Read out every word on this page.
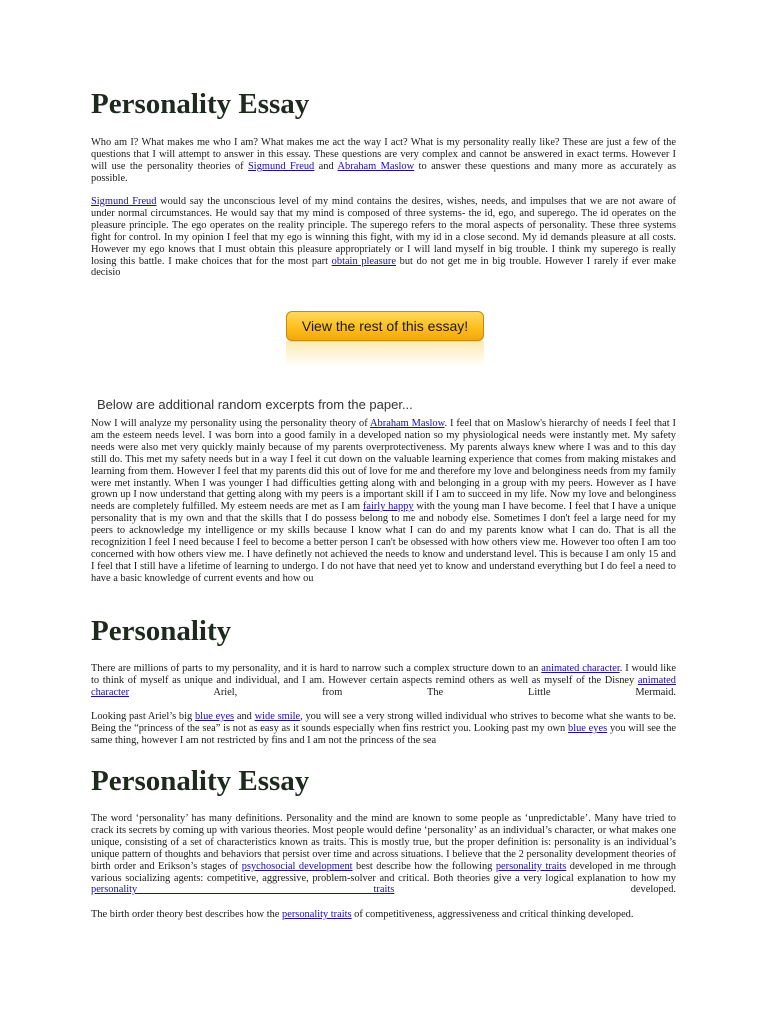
Personality Essay

Who am I? What makes me who I am? What makes me act the way I act? What is my personality really like? These are just a few of the questions that I will attempt to answer in this essay. These questions are very complex and cannot be answered in exact terms. However I will use the personality theories of Sigmund Freud and Abraham Maslow to answer these questions and many more as accurately as possible.

Sigmund Freud would say the unconscious level of my mind contains the desires, wishes, needs, and impulses that we are not aware of under normal circumstances. He would say that my mind is composed of three systems- the id, ego, and superego. The id operates on the pleasure principle. The ego operates on the reality principle. The superego refers to the moral aspects of personality. These three systems fight for control. In my opinion I feel that my ego is winning this fight, with my id in a close second. My id demands pleasure at all costs. However my ego knows that I must obtain this pleasure appropriately or I will land myself in big trouble. I think my superego is really losing this battle. I make choices that for the most part obtain pleasure but do not get me in big trouble. However I rarely if ever make decisio

View the rest of this essay!
Below are additional random excerpts from the paper...

Now I will analyze my personality using the personality theory of Abraham Maslow. I feel that on Maslow's hierarchy of needs I feel that I am the esteem needs level. I was born into a good family in a developed nation so my physiological needs were instantly met. My safety needs were also met very quickly mainly because of my parents overprotectiveness. My parents always knew where I was and to this day still do. This met my safety needs but in a way I feel it cut down on the valuable learning experience that comes from making mistakes and learning from them. However I feel that my parents did this out of love for me and therefore my love and belonginess needs from my family were met instantly. When I was younger I had difficulties getting along with and belonging in a group with my peers. However as I have grown up I now understand that getting along with my peers is a important skill if I am to succeed in my life. Now my love and belonginess needs are completely fulfilled. My esteem needs are met as I am fairly happy with the young man I have become. I feel that I have a unique personality that is my own and that the skills that I do possess belong to me and nobody else. Sometimes I don't feel a large need for my peers to acknowledge my intelligence or my skills because I know what I can do and my parents know what I can do. That is all the recognizition I feel I need because I feel to become a better person I can't be obsessed with how others view me. However too often I am too concerned with how others view me. I have definetly not achieved the needs to know and understand level. This is because I am only 15 and I feel that I still have a lifetime of learning to undergo. I do not have that need yet to know and understand everything but I do feel a need to have a basic knowledge of current events and how ou

Personality

There are millions of parts to my personality, and it is hard to narrow such a complex structure down to an animated character. I would like to think of myself as unique and individual, and I am. However certain aspects remind others as well as myself of the Disney animated character Ariel, from The Little Mermaid.

Looking past Ariel’s big blue eyes and wide smile, you will see a very strong willed individual who strives to become what she wants to be. Being the “princess of the sea” is not as easy as it sounds especially when fins restrict you. Looking past my own blue eyes you will see the same thing, however I am not restricted by fins and I am not the princess of the sea

Personality Essay

The word ‘personality’ has many definitions. Personality and the mind are known to some people as ‘unpredictable’. Many have tried to crack its secrets by coming up with various theories. Most people would define ‘personality’ as an individual’s character, or what makes one unique, consisting of a set of characteristics known as traits. This is mostly true, but the proper definition is: personality is an individual’s unique pattern of thoughts and behaviors that persist over time and across situations. I believe that the 2 personality development theories of birth order and Erikson’s stages of psychosocial development best describe how the following personality traits developed in me through various socializing agents: competitive, aggressive, problem-solver and critical. Both theories give a very logical explanation to how my personality traits developed.

The birth order theory best describes how the personality traits of competitiveness, aggressiveness and critical thinking developed.
